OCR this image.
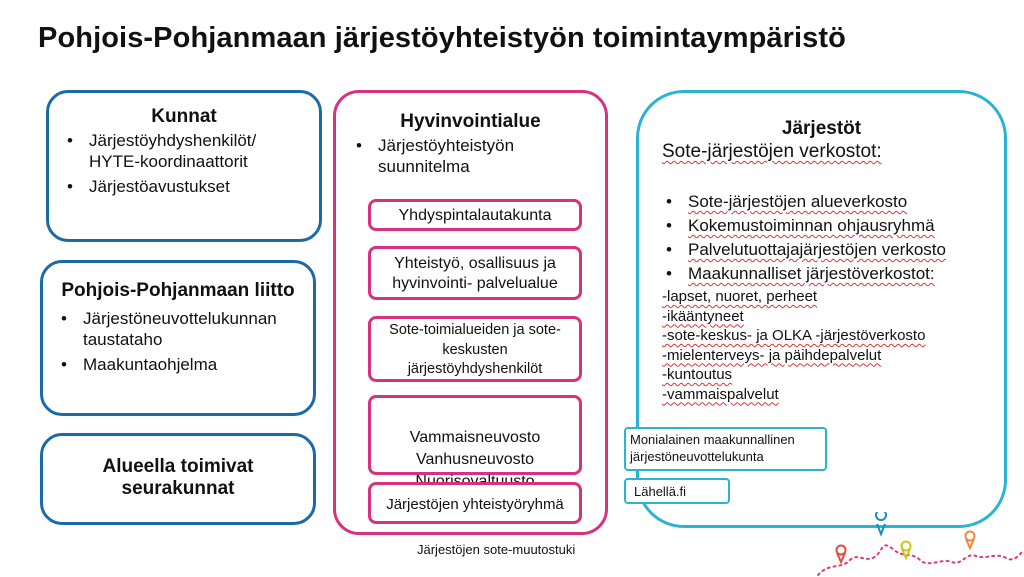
Pohjois-Pohjanmaan järjestöyhteistyön toimintaympäristö
Kunnat
• Järjestöyhdyshenkilöt/ HYTE-koordinaattorit
• Järjestöavustukset
Pohjois-Pohjanmaan liitto
• Järjestöneuvottelukunnan taustataho
• Maakuntaohjelma
Alueella toimivat seurakunnat
Hyvinvointialue
• Järjestöyhteistyön suunnitelma
Yhdyspintalautakunta
Yhteistyö, osallisuus ja hyvinvointi- palvelualue
Sote-toimialueiden ja sote-keskusten järjestöyhdyshenkilöt

Vammaisneuvosto
Vanhusneuvosto

Järjestöjen yhteistyöryhmä
Järjestöt
Sote-järjestöjen verkostot:
• Sote-järjestöjen alueverkosto
• Kokemustoiminnan ohjausryhmä
• Palvelutuottajajärjestöjen verkosto
• Maakunnalliset järjestöverkostot:
-lapset, nuoret, perheet
-ikääntyneet
-sote-keskus- ja OLKA -järjestöverkosto
-mielenterveys- ja päihdepalvelut
-kuntoutus
-vammaispalvelut
Monialainen maakunnallinen järjestöneuvottelukunta
Lähellä.fi
Järjestöjen sote-muutostuki
